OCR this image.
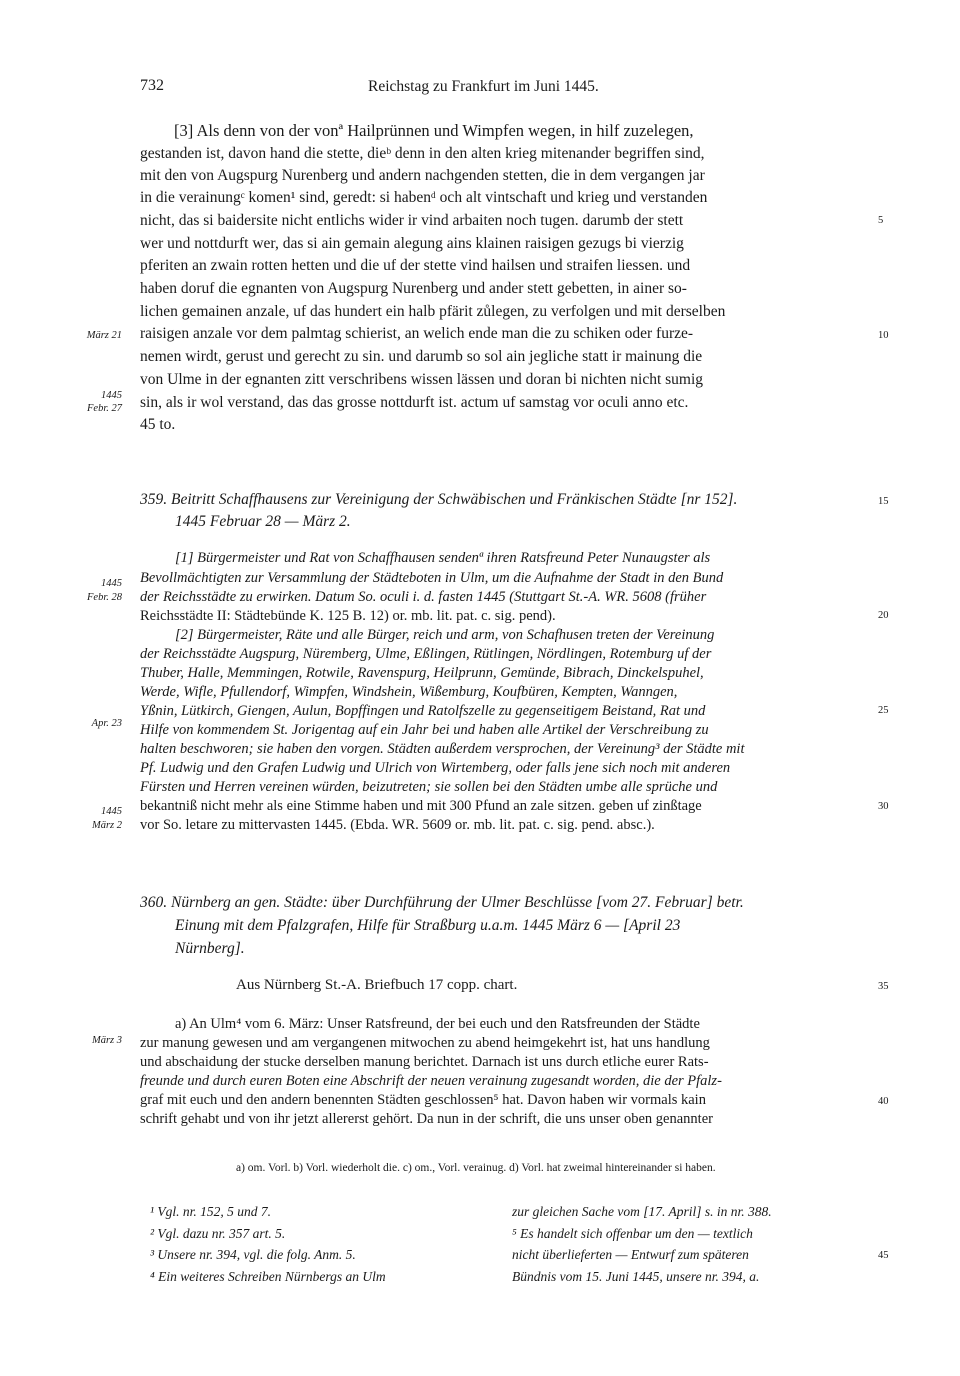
732	Reichstag zu Frankfurt im Juni 1445.
[3] Als denn von der vonª Hailprünnen und Wimpfen wegen, in hilf zuzelegen,
gestanden ist, davon hand die stette, dieᵇ denn in den alten krieg mitenander begriffen sind,
mit den von Augspurg Nurenberg und andern nachgenden stetten, die in dem vergangen jar
in die verainungᶜ komen¹ sind, geredt: si habenᵈ och alt vintschaft und krieg und verstanden
nicht, das si baidersite nicht entlichs wider ir vind arbaiten noch tugen. darumb der stett
wer und nottdurft wer, das si ain gemain alegung ains klainen raisigen gezugs bi vierzig
pferiten an zwain rotten hetten und die uf der stette vind hailsen und straifen liessen. und
haben doruf die egnanten von Augspurg Nurenberg und ander stett gebetten, in ainer so-
lichen gemainen anzale, uf das hundert ein halb pfärit zůlegen, zu verfolgen und mit derselben
raisigen anzale vor dem palmtag schierist, an welich ende man die zu schiken oder furze-
nemen wirdt, gerust und gerecht zu sin. und darumb so sol ain jegliche statt ir mainung die
von Ulme in der egnanten zitt verschribens wissen lässen und doran bi nichten nicht sumig
sin, als ir wol verstand, das das grosse nottdurft ist. actum uf samstag vor oculi anno etc.
45 to.
März 21
1445
Febr. 27
1445
Febr. 28
Apr. 23
1445
März 2
März 3
5
10
15
20
25
30
35
40
45
359. Beitritt Schaffhausens zur Vereinigung der Schwäbischen und Fränkischen Städte [nr 152].
1445 Februar 28 — März 2.
[1] Bürgermeister und Rat von Schaffhausen sendenª ihren Ratsfreund Peter Nunaugster als
Bevollmächtigten zur Versammlung der Städteboten in Ulm, um die Aufnahme der Stadt in den Bund
der Reichsstädte zu erwirken. Datum So. oculi i. d. fasten 1445 (Stuttgart St.-A. WR. 5608 (früher
Reichsstädte II: Städtebünde K. 125 B. 12) or. mb. lit. pat. c. sig. pend).
[2] Bürgermeister, Räte und alle Bürger, reich und arm, von Schafhusen treten der Vereinung
der Reichsstädte Augspurg, Nüremberg, Ulme, Eßlingen, Rütlingen, Nördlingen, Rotemburg uf der
Thuber, Halle, Memmingen, Rotwile, Ravenspurg, Heilprunn, Gemünde, Bibrach, Dinckelspuhel,
Werde, Wifle, Pfullendorf, Wimpfen, Windshein, Wißemburg, Koufbüren, Kempten, Wanngen,
Yßnin, Lütkirch, Giengen, Aulun, Bopffingen und Ratolfszelle zu gegenseitigem Beistand, Rat und
Hilfe von kommendem St. Jorigentag auf ein Jahr bei und haben alle Artikel der Verschreibung zu
halten beschworen; sie haben den vorgen. Städten außerdem versprochen, der Vereinung³ der Städte mit
Pf. Ludwig und den Grafen Ludwig und Ulrich von Wirtemberg, oder falls jene sich noch mit anderen
Fürsten und Herren vereinen würden, beizutreten; sie sollen bei den Städten umbe alle sprüche und
bekantniß nicht mehr als eine Stimme haben und mit 300 Pfund an zale sitzen. geben uf zinßtage
vor So. letare zu mittervasten 1445. (Ebda. WR. 5609 or. mb. lit. pat. c. sig. pend. absc.).
360. Nürnberg an gen. Städte: über Durchführung der Ulmer Beschlüsse [vom 27. Februar] betr.
Einung mit dem Pfalzgrafen, Hilfe für Straßburg u.a.m. 1445 März 6 — [April 23
Nürnberg].
Aus Nürnberg St.-A. Briefbuch 17 copp. chart.
a) An Ulm⁴ vom 6. März: Unser Ratsfreund, der bei euch und den Ratsfreunden der Städte
zur manung gewesen und am vergangenen mitwochen zu abend heimgekehrt ist, hat uns handlung
und abschaidung der stucke derselben manung berichtet. Darnach ist uns durch etliche eurer Rats-
freunde und durch euren Boten eine Abschrift der neuen verainung zugesandt worden, die der Pfalz-
graf mit euch und den andern benennten Städten geschlossen⁵ hat. Davon haben wir vormals kain
schrift gehabt und von ihr jetzt allererst gehört. Da nun in der schrift, die uns unser oben genannter
a) om. Vorl. b) Vorl. wiederholt die. c) om., Vorl. verainug. d) Vorl. hat zweimal hintereinander si haben.
¹ Vgl. nr. 152, 5 und 7.
² Vgl. dazu nr. 357 art. 5.
³ Unsere nr. 394, vgl. die folg. Anm. 5.
⁴ Ein weiteres Schreiben Nürnbergs an Ulm
zur gleichen Sache vom [17. April] s. in nr. 388.
⁵ Es handelt sich offenbar um den — textlich
nicht überlieferten — Entwurf zum späteren
Bündnis vom 15. Juni 1445, unsere nr. 394, a.
